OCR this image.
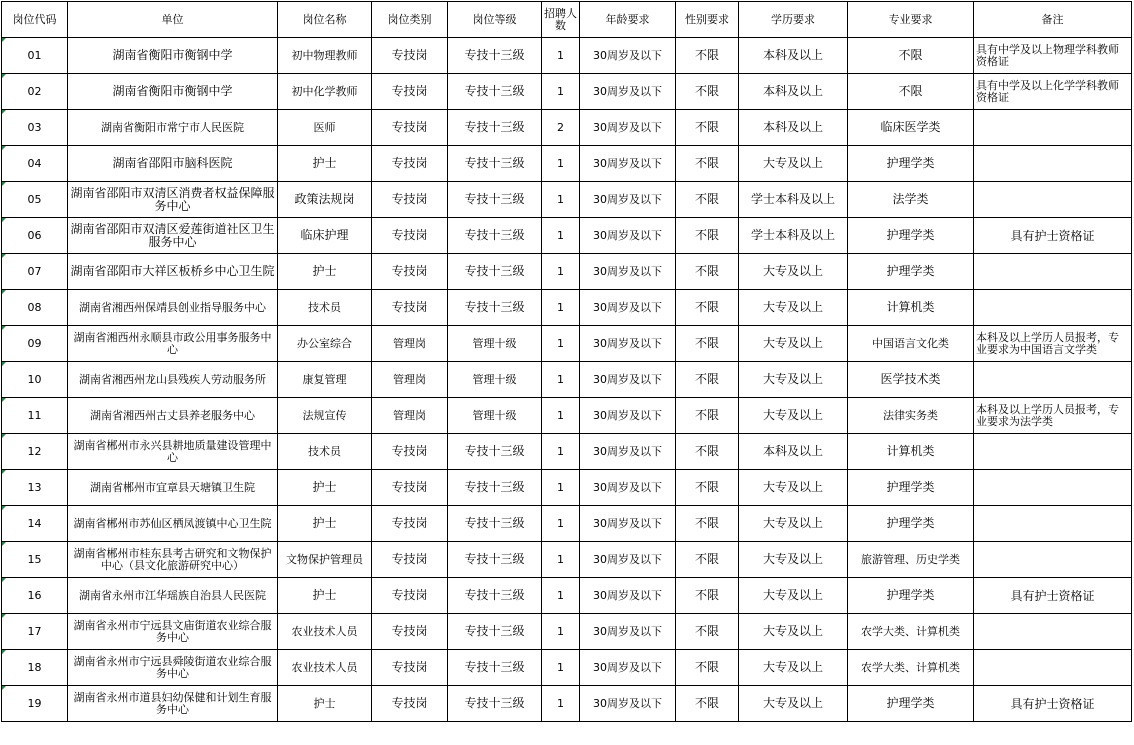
岗位代码	单位	岗位名称	岗位类别	岗位等级	招聘人数	年龄要求	性别要求	学历要求	专业要求	备注
01	湖南省衡阳市衡钢中学	初中物理教师	专技岗	专技十三级	1	30周岁及以下	不限	本科及以上	不限	具有中学及以上物理学科教师资格证
02	湖南省衡阳市衡钢中学	初中化学教师	专技岗	专技十三级	1	30周岁及以下	不限	本科及以上	不限	具有中学及以上化学学科教师资格证
03	湖南省衡阳市常宁市人民医院	医师	专技岗	专技十三级	2	30周岁及以下	不限	本科及以上	临床医学类	
04	湖南省邵阳市脑科医院	护士	专技岗	专技十三级	1	30周岁及以下	不限	大专及以上	护理学类	
05	湖南省邵阳市双清区消费者权益保障服务中心	政策法规岗	专技岗	专技十三级	1	30周岁及以下	不限	学士本科及以上	法学类	
06	湖南省邵阳市双清区爱莲街道社区卫生服务中心	临床护理	专技岗	专技十三级	1	30周岁及以下	不限	学士本科及以上	护理学类	具有护士资格证
07	湖南省邵阳市大祥区板桥乡中心卫生院	护士	专技岗	专技十三级	1	30周岁及以下	不限	大专及以上	护理学类	
08	湖南省湘西州保靖县创业指导服务中心	技术员	专技岗	专技十三级	1	30周岁及以下	不限	大专及以上	计算机类	
09	湖南省湘西州永顺县市政公用事务服务中心	办公室综合	管理岗	管理十级	1	30周岁及以下	不限	大专及以上	中国语言文化类	本科及以上学历人员报考，专业要求为中国语言文学类
10	湖南省湘西州龙山县残疾人劳动服务所	康复管理	管理岗	管理十级	1	30周岁及以下	不限	大专及以上	医学技术类	
11	湖南省湘西州古丈县养老服务中心	法规宣传	管理岗	管理十级	1	30周岁及以下	不限	大专及以上	法律实务类	本科及以上学历人员报考，专业要求为法学类
12	湖南省郴州市永兴县耕地质量建设管理中心	技术员	专技岗	专技十三级	1	30周岁及以下	不限	本科及以上	计算机类	
13	湖南省郴州市宜章县天塘镇卫生院	护士	专技岗	专技十三级	1	30周岁及以下	不限	大专及以上	护理学类	
14	湖南省郴州市苏仙区栖凤渡镇中心卫生院	护士	专技岗	专技十三级	1	30周岁及以下	不限	大专及以上	护理学类	
15	湖南省郴州市桂东县考古研究和文物保护中心（县文化旅游研究中心）	文物保护管理员	专技岗	专技十三级	1	30周岁及以下	不限	大专及以上	旅游管理、历史学类	
16	湖南省永州市江华瑶族自治县人民医院	护士	专技岗	专技十三级	1	30周岁及以下	不限	大专及以上	护理学类	具有护士资格证
17	湖南省永州市宁远县文庙街道农业综合服务中心	农业技术人员	专技岗	专技十三级	1	30周岁及以下	不限	大专及以上	农学大类、计算机类	
18	湖南省永州市宁远县舜陵街道农业综合服务中心	农业技术人员	专技岗	专技十三级	1	30周岁及以下	不限	大专及以上	农学大类、计算机类	
19	湖南省永州市道县妇幼保健和计划生育服务中心	护士	专技岗	专技十三级	1	30周岁及以下	不限	大专及以上	护理学类	具有护士资格证
